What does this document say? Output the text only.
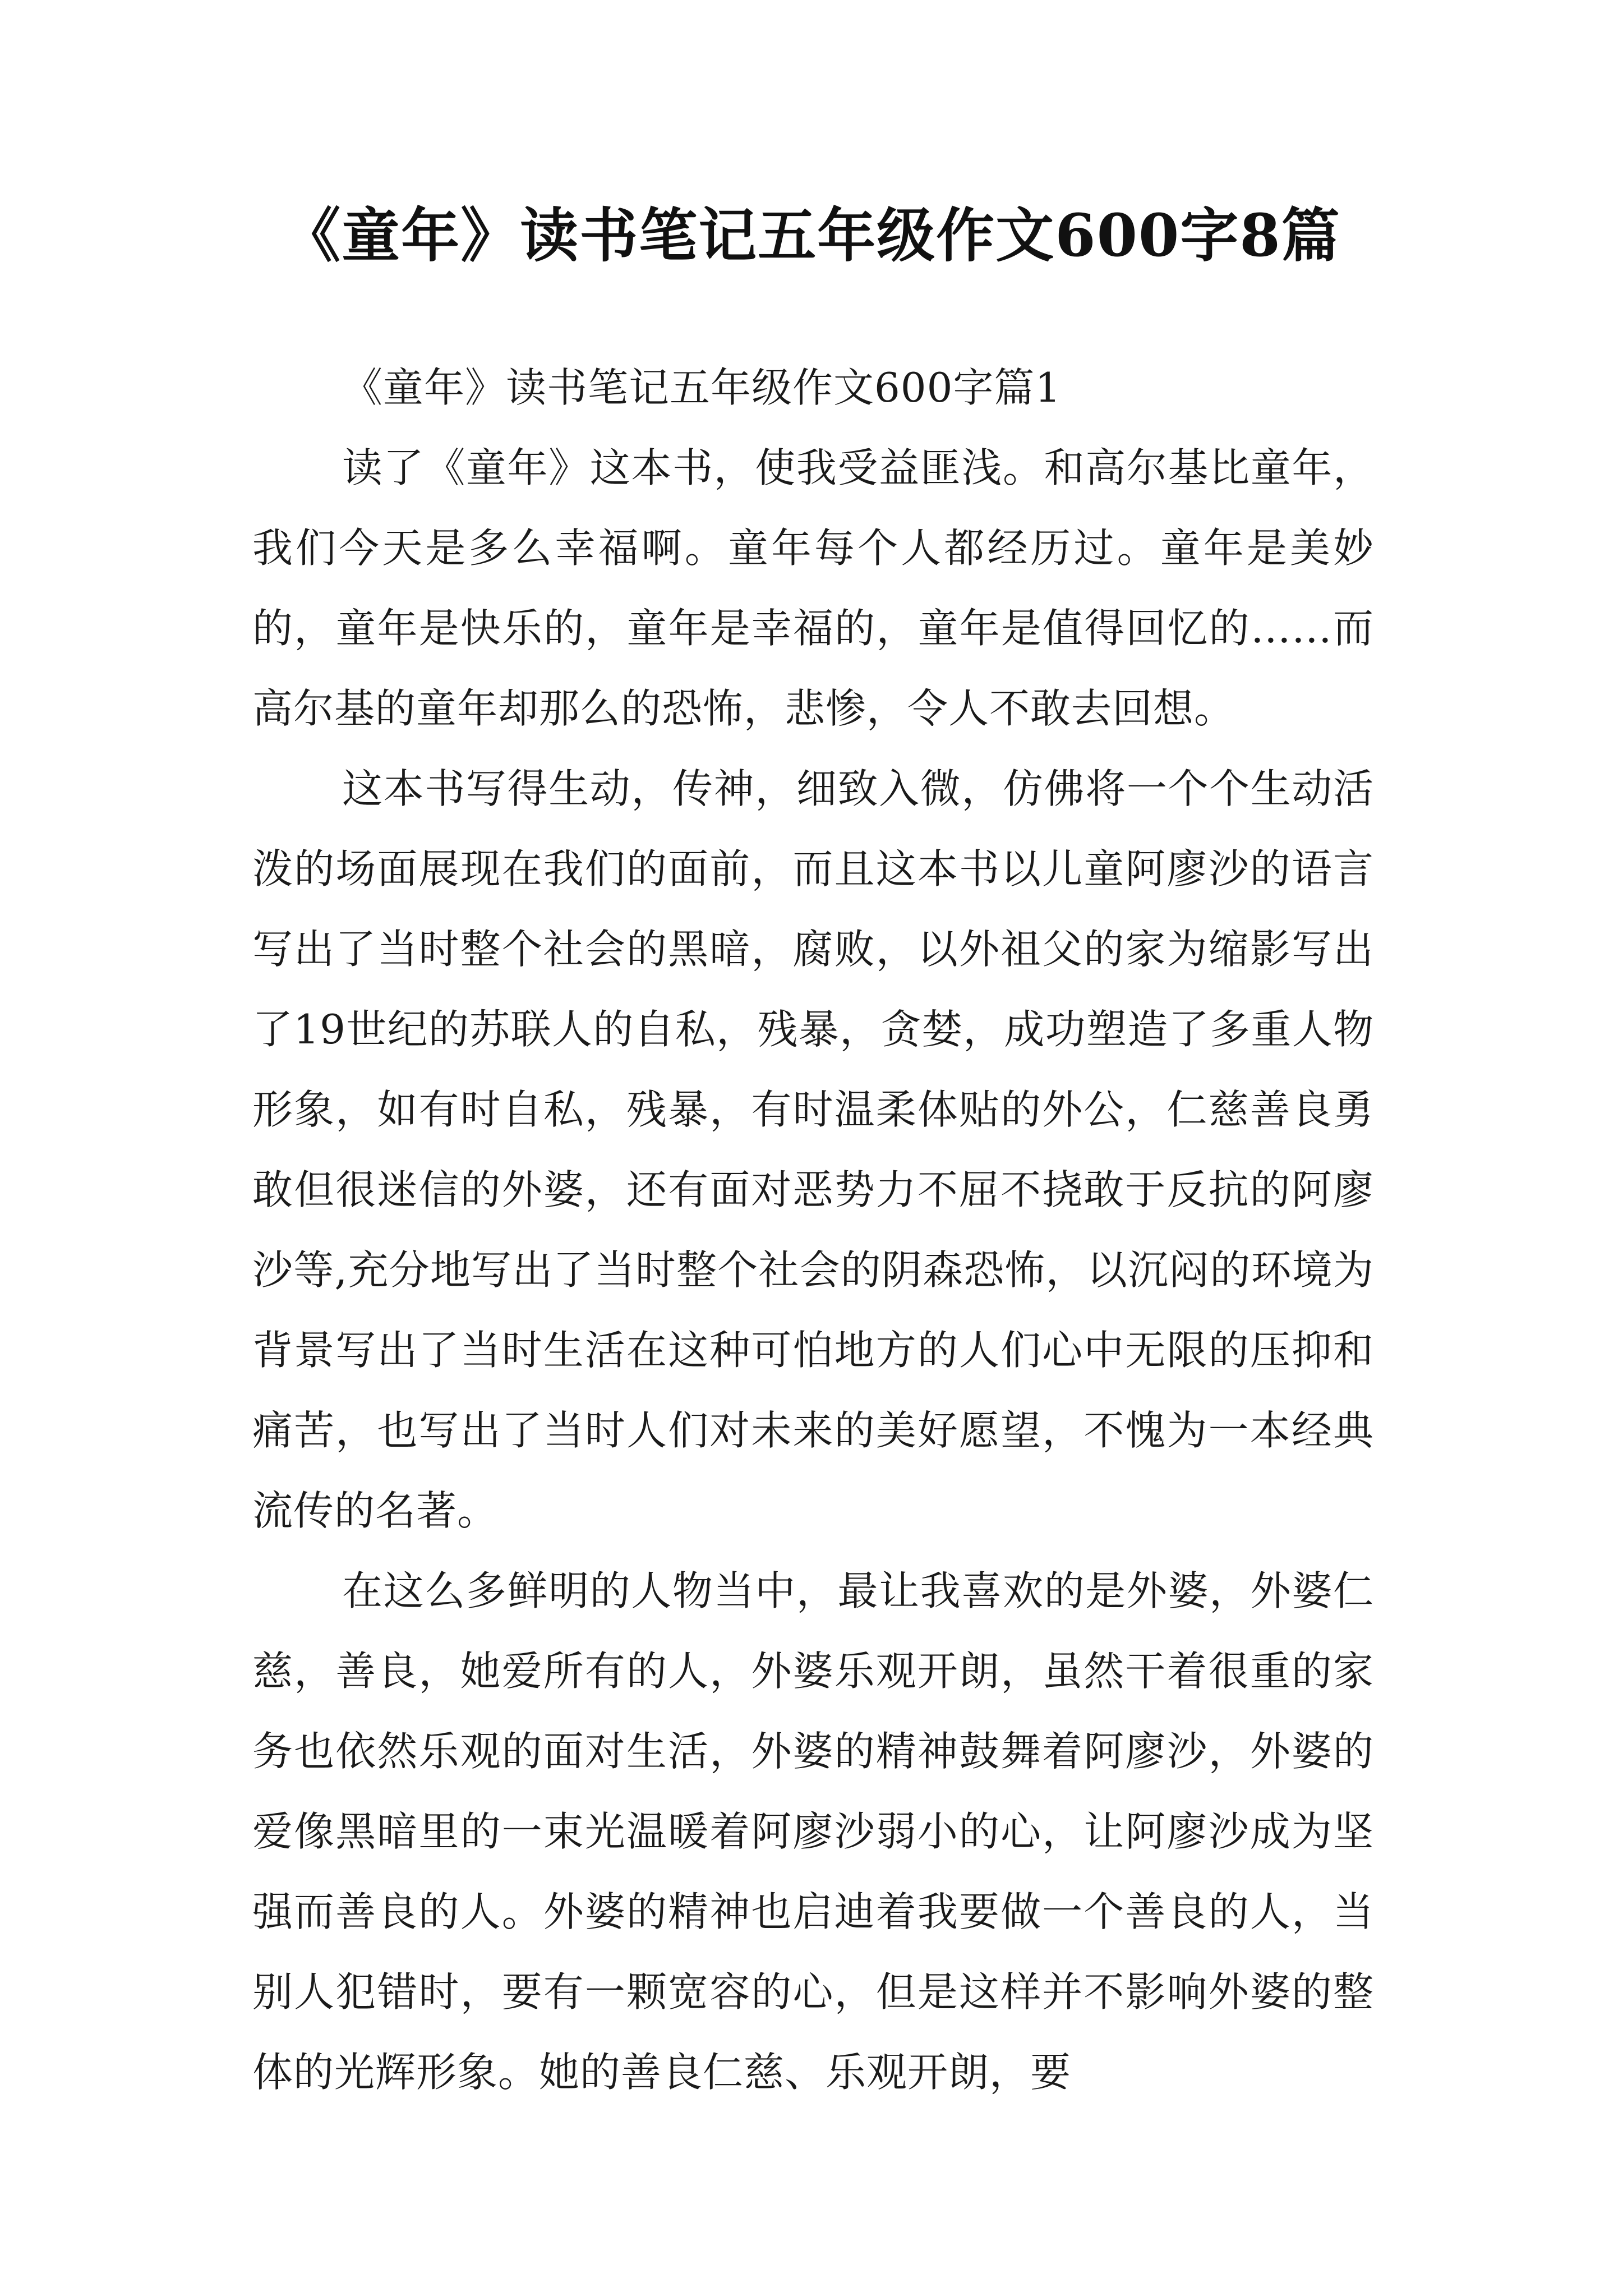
《童年》读书笔记五年级作文600字8篇

《童年》读书笔记五年级作文600字篇1

读了《童年》这本书，使我受益匪浅。和高尔基比童年，我们今天是多么幸福啊。童年每个人都经历过。童年是美妙的，童年是快乐的，童年是幸福的，童年是值得回忆的……而高尔基的童年却那么的恐怖，悲惨，令人不敢去回想。

这本书写得生动，传神，细致入微，仿佛将一个个生动活泼的场面展现在我们的面前，而且这本书以儿童阿廖沙的语言写出了当时整个社会的黑暗，腐败，以外祖父的家为缩影写出了19世纪的苏联人的自私，残暴，贪婪，成功塑造了多重人物形象，如有时自私，残暴，有时温柔体贴的外公，仁慈善良勇敢但很迷信的外婆，还有面对恶势力不屈不挠敢于反抗的阿廖沙等,充分地写出了当时整个社会的阴森恐怖，以沉闷的环境为背景写出了当时生活在这种可怕地方的人们心中无限的压抑和痛苦，也写出了当时人们对未来的美好愿望，不愧为一本经典流传的名著。

在这么多鲜明的人物当中，最让我喜欢的是外婆，外婆仁慈，善良，她爱所有的人，外婆乐观开朗，虽然干着很重的家务也依然乐观的面对生活，外婆的精神鼓舞着阿廖沙，外婆的爱像黑暗里的一束光温暖着阿廖沙弱小的心，让阿廖沙成为坚强而善良的人。外婆的精神也启迪着我要做一个善良的人，当别人犯错时，要有一颗宽容的心，但是这样并不影响外婆的整体的光辉形象。她的善良仁慈、乐观开朗，要
